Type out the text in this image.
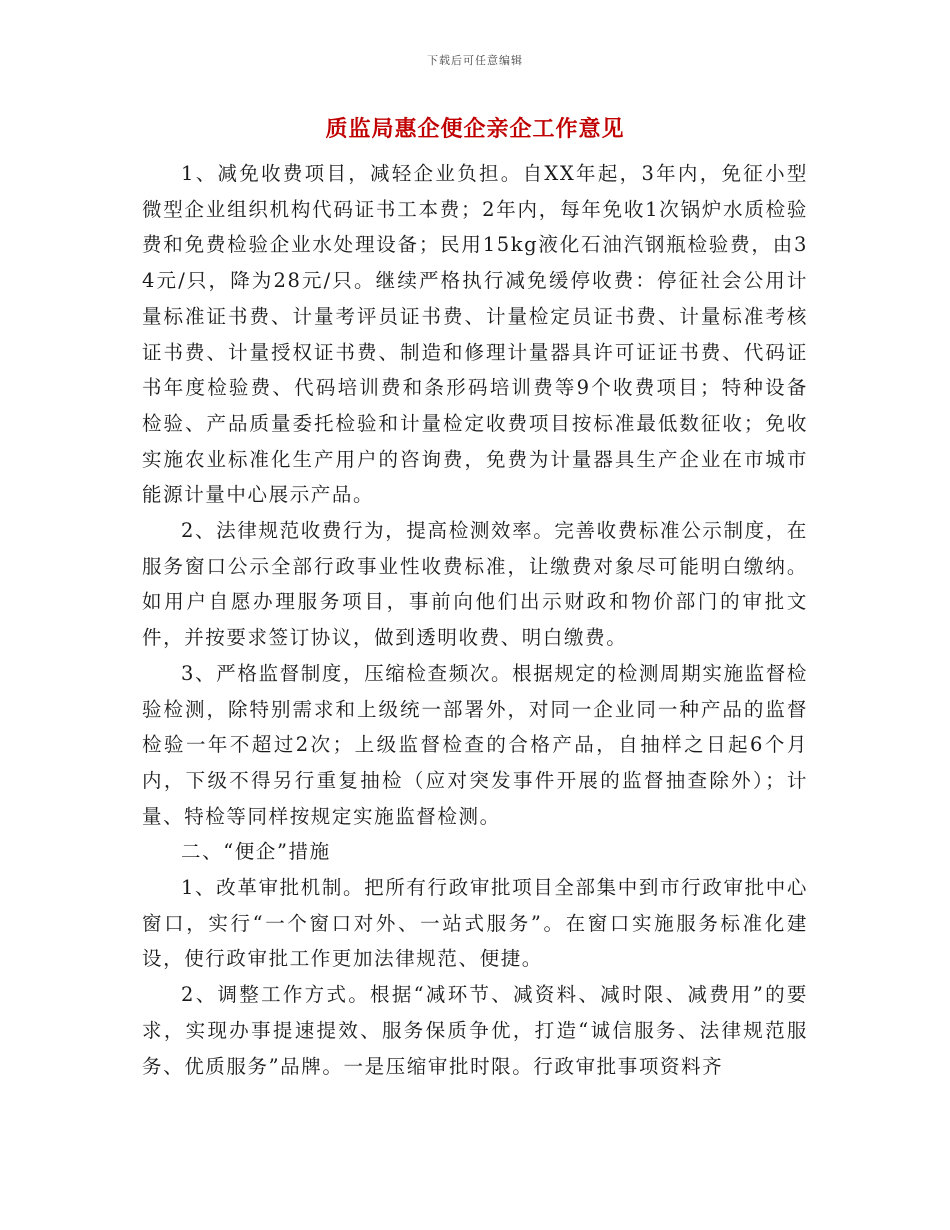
下载后可任意编辑
质监局惠企便企亲企工作意见

1、减免收费项目，减轻企业负担。自XX年起，3年内，免征小型微型企业组织机构代码证书工本费；2年内，每年免收1次锅炉水质检验费和免费检验企业水处理设备；民用15kg液化石油汽钢瓶检验费，由34元/只，降为28元/只。继续严格执行减免缓停收费：停征社会公用计量标准证书费、计量考评员证书费、计量检定员证书费、计量标准考核证书费、计量授权证书费、制造和修理计量器具许可证证书费、代码证书年度检验费、代码培训费和条形码培训费等9个收费项目；特种设备检验、产品质量委托检验和计量检定收费项目按标准最低数征收；免收实施农业标准化生产用户的咨询费，免费为计量器具生产企业在市城市能源计量中心展示产品。

2、法律规范收费行为，提高检测效率。完善收费标准公示制度，在服务窗口公示全部行政事业性收费标准，让缴费对象尽可能明白缴纳。如用户自愿办理服务项目，事前向他们出示财政和物价部门的审批文件，并按要求签订协议，做到透明收费、明白缴费。

3、严格监督制度，压缩检查频次。根据规定的检测周期实施监督检验检测，除特别需求和上级统一部署外，对同一企业同一种产品的监督检验一年不超过2次；上级监督检查的合格产品，自抽样之日起6个月内，下级不得另行重复抽检（应对突发事件开展的监督抽查除外）；计量、特检等同样按规定实施监督检测。

二、“便企”措施

1、改革审批机制。把所有行政审批项目全部集中到市行政审批中心窗口，实行“一个窗口对外、一站式服务”。在窗口实施服务标准化建设，使行政审批工作更加法律规范、便捷。

2、调整工作方式。根据“减环节、减资料、减时限、减费用”的要求，实现办事提速提效、服务保质争优，打造“诚信服务、法律规范服务、优质服务”品牌。一是压缩审批时限。行政审批事项资料齐
